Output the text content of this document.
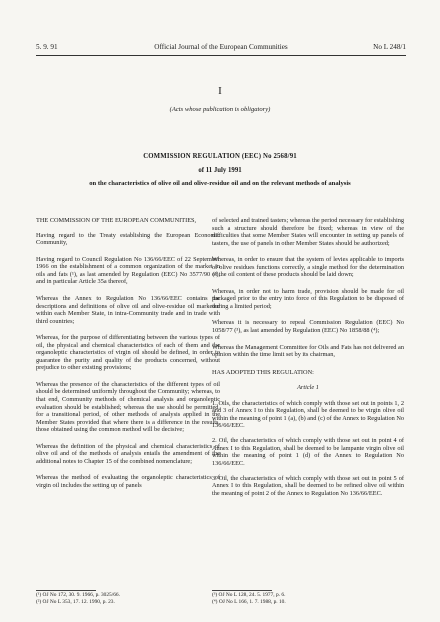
5. 9. 91	Official Journal of the European Communities	No L 248/1
I
(Acts whose publication is obligatory)
COMMISSION REGULATION (EEC) No 2568/91
of 11 July 1991
on the characteristics of olive oil and olive-residue oil and on the relevant methods of analysis

THE COMMISSION OF THE EUROPEAN COMMUNITIES,

Having regard to the Treaty establishing the European Economic Community,

Having regard to Council Regulation No 136/66/EEC of 22 September 1966 on the establishment of a common organization of the market in oils and fats (¹), as last amended by Regulation (EEC) No 3577/90 (²), and in particular Article 35a thereof,

Whereas the Annex to Regulation No 136/66/EEC contains the descriptions and definitions of olive oil and olive-residue oil marketed within each Member State, in intra-Community trade and in trade with third countries;

Whereas, for the purpose of differentiating between the various types of oil, the physical and chemical characteristics of each of them and the organoleptic characteristics of virgin oil should be defined, in order to guarantee the purity and quality of the products concerned, without prejudice to other existing provisions;

Whereas the presence of the characteristics of the different types of oil should be determined uniformly throughout the Community; whereas, to that end, Community methods of chemical analysis and organoleptic evaluation should be established; whereas the use should be permitted, for a transitional period, of other methods of analysis applied in the Member States provided that where there is a difference in the results, those obtained using the common method will be decisive;

Whereas the definition of the physical and chemical characteristics of olive oil and of the methods of analysis entails the amendment of the additional notes to Chapter 15 of the combined nomenclature;

Whereas the method of evaluating the organoleptic characteristics of virgin oil includes the setting up of panels

of selected and trained tasters; whereas the period necessary for establishing such a structure should therefore be fixed; whereas in view of the difficulties that some Member States will encounter in setting up panels of tasters, the use of panels in other Member States should be authorized;

Whereas, in order to ensure that the system of levies applicable to imports of olive residues functions correctly, a single method for the determination of the oil content of these products should be laid down;

Whereas, in order not to harm trade, provision should be made for oil packaged prior to the entry into force of this Regulation to be disposed of during a limited period;

Whereas it is necessary to repeal Commission Regulation (EEC) No 1058/77 (³), as last amended by Regulation (EEC) No 1858/88 (⁴);

Whereas the Management Committee for Oils and Fats has not delivered an opinion within the time limit set by its chairman,

HAS ADOPTED THIS REGULATION:

Article 1

1. Oils, the characteristics of which comply with those set out in points 1, 2 and 3 of Annex I to this Regulation, shall be deemed to be virgin olive oil within the meaning of point 1 (a), (b) and (c) of the Annex to Regulation No 136/66/EEC.

2. Oil, the characteristics of which comply with those set out in point 4 of Annex I to this Regulation, shall be deemed to be lampante virgin olive oil within the meaning of point 1 (d) of the Annex to Regulation No 136/66/EEC.

3. Oil, the characteristics of which comply with those set out in point 5 of Annex I to this Regulation, shall be deemed to be refined olive oil within the meaning of point 2 of the Annex to Regulation No 136/66/EEC.

(¹) OJ No 172, 30. 9. 1966, p. 3025/66.
(²) OJ No L 353, 17. 12. 1990, p. 23.
(³) OJ No L 128, 24. 5. 1977, p. 6.
(⁴) OJ No L 166, 1. 7. 1988, p. 10.
